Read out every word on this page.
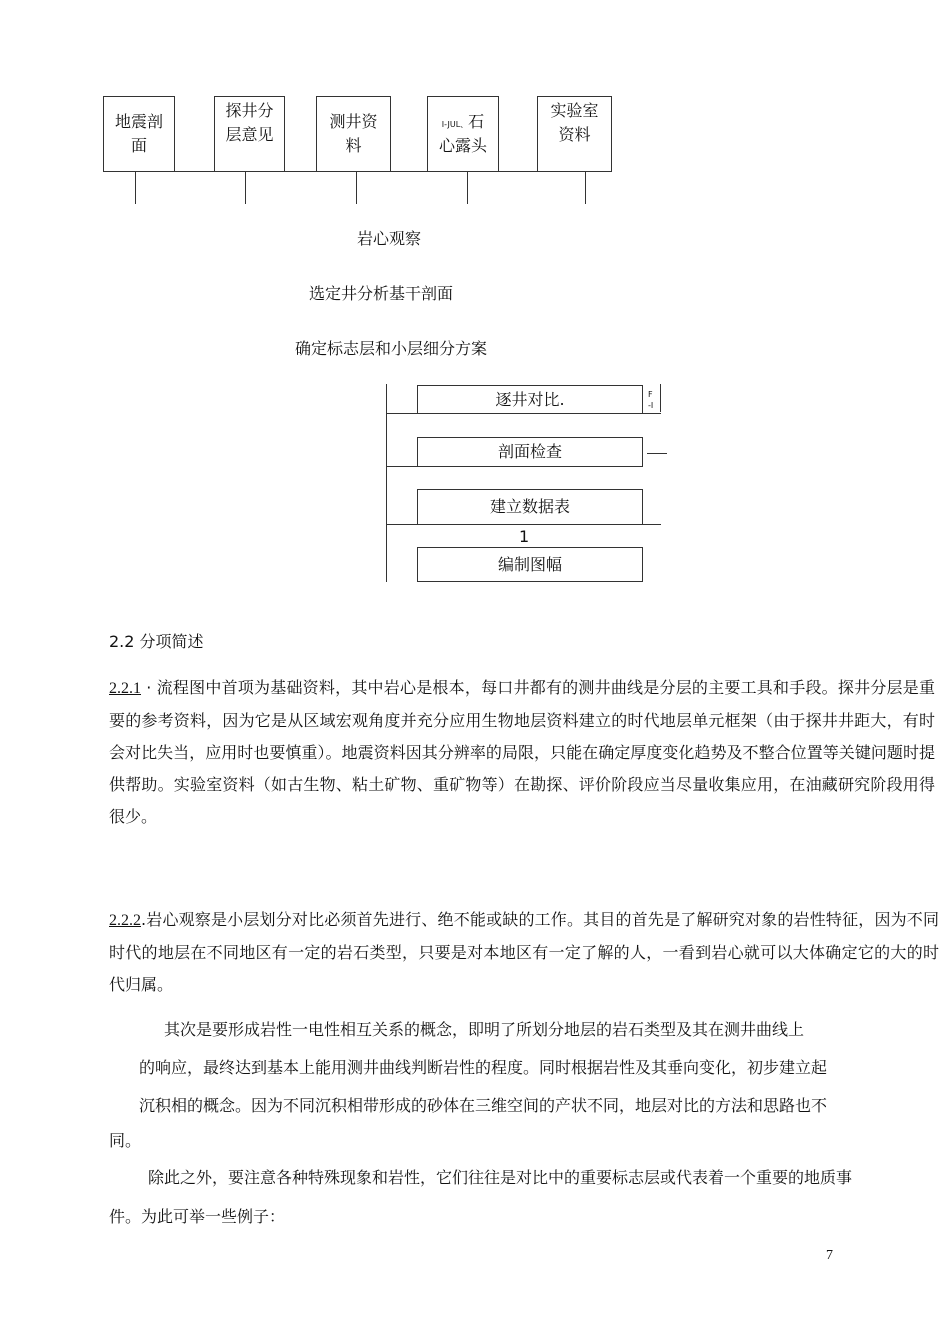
地震剖
面
探井分
层意见
测井资
料
I-JUL、 石
心露头
实验室
资料
岩心观察
选定井分析基干剖面
确定标志层和小层细分方案
逐井对比.
剖面检查
建立数据表
编制图幅
F
-I
1
2.2 分项简述
2.2.1 · 流程图中首项为基础资料，其中岩心是根本，每口井都有的测井曲线是分层的主要工具和手段。探井分层是重要的参考资料，因为它是从区域宏观角度并充分应用生物地层资料建立的时代地层单元框架（由于探井井距大，有时会对比失当，应用时也要慎重）。地震资料因其分辨率的局限，只能在确定厚度变化趋势及不整合位置等关键问题时提供帮助。实验室资料（如古生物、粘土矿物、重矿物等）在勘探、评价阶段应当尽量收集应用，在油藏研究阶段用得很少。
2.2.2.岩心观察是小层划分对比必须首先进行、绝不能或缺的工作。其目的首先是了解研究对象的岩性特征，因为不同时代的地层在不同地区有一定的岩石类型，只要是对本地区有一定了解的人，一看到岩心就可以大体确定它的大的时代归属。
其次是要形成岩性一电性相互关系的概念，即明了所划分地层的岩石类型及其在测井曲线上
的响应，最终达到基本上能用测井曲线判断岩性的程度。同时根据岩性及其垂向变化，初步建立起
沉积相的概念。因为不同沉积相带形成的砂体在三维空间的产状不同，地层对比的方法和思路也不
同。
除此之外，要注意各种特殊现象和岩性，它们往往是对比中的重要标志层或代表着一个重要的地质事
件。为此可举一些例子：
7
